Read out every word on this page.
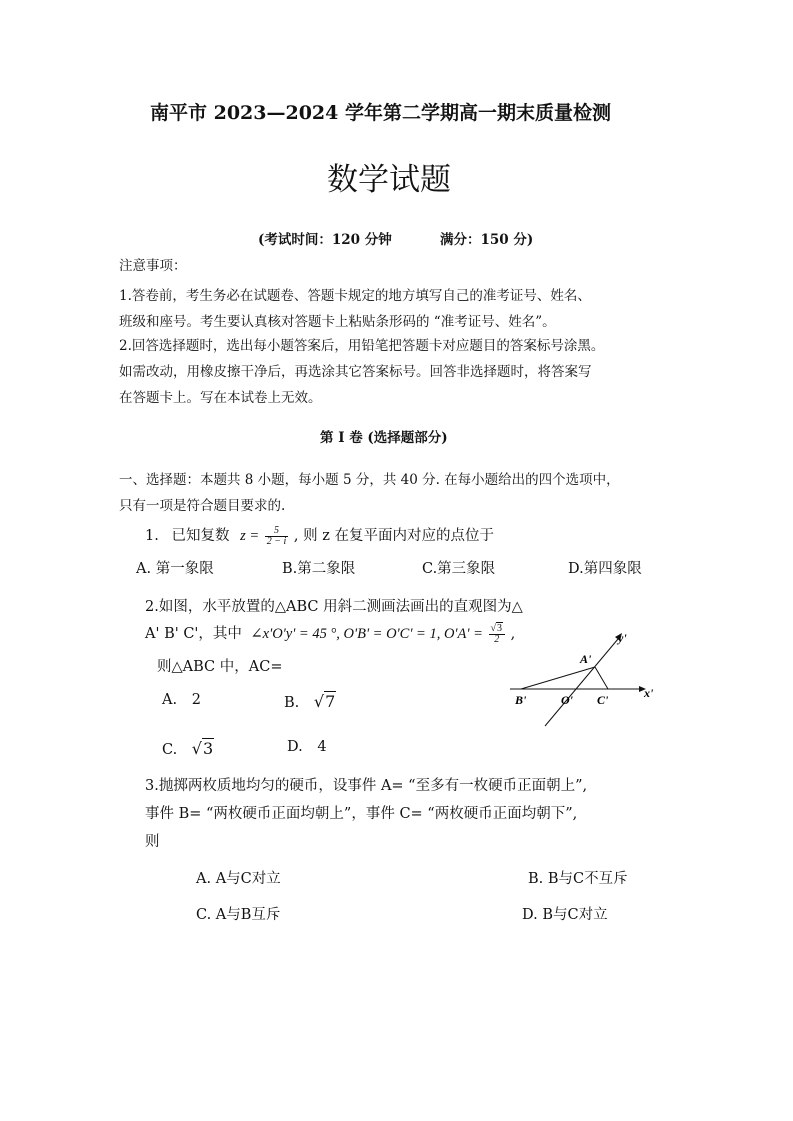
南平市 2023—2024 学年第二学期高一期末质量检测
数学试题
(考试时间：120 分钟	满分：150 分)
注意事项：
1.答卷前，考生务必在试题卷、答题卡规定的地方填写自己的准考证号、姓名、
班级和座号。考生要认真核对答题卡上粘贴条形码的 “准考证号、姓名”。
2.回答选择题时，选出每小题答案后，用铅笔把答题卡对应题目的答案标号涂黑。
如需改动，用橡皮擦干净后，再选涂其它答案标号。回答非选择题时，将答案写
在答题卡上。写在本试卷上无效。
第 I 卷 (选择题部分)
一、选择题：本题共 8 小题，每小题 5 分，共 40 分. 在每小题给出的四个选项中，
只有一项是符合题目要求的.
1. 已知复数 $z = \frac{5}{2 - i}$ , 则 z 在复平面内对应的点位于
A. 第一象限	B.第二象限	C.第三象限	D.第四象限
2.如图，水平放置的△ABC 用斜二测画法画出的直观图为△
A' B' C'，其中 ∠x'O'y' = 45 °, O'B' = O'C' = 1, $O'A' = \frac{√3}{2}$ ,
则△ABC 中，AC=
A. 2	B. √7
C. √3	D. 4
y'
x'
A'
B'	O' C'
3.抛掷两枚质地均匀的硬币，设事件 A= “至多有一枚硬币正面朝上”,
事件 B= “两枚硬币正面均朝上”，事件 C= “两枚硬币正面均朝下”,
则
A. A与C对立	B. B与C不互斥
C. A与B互斥	D. B与C对立
